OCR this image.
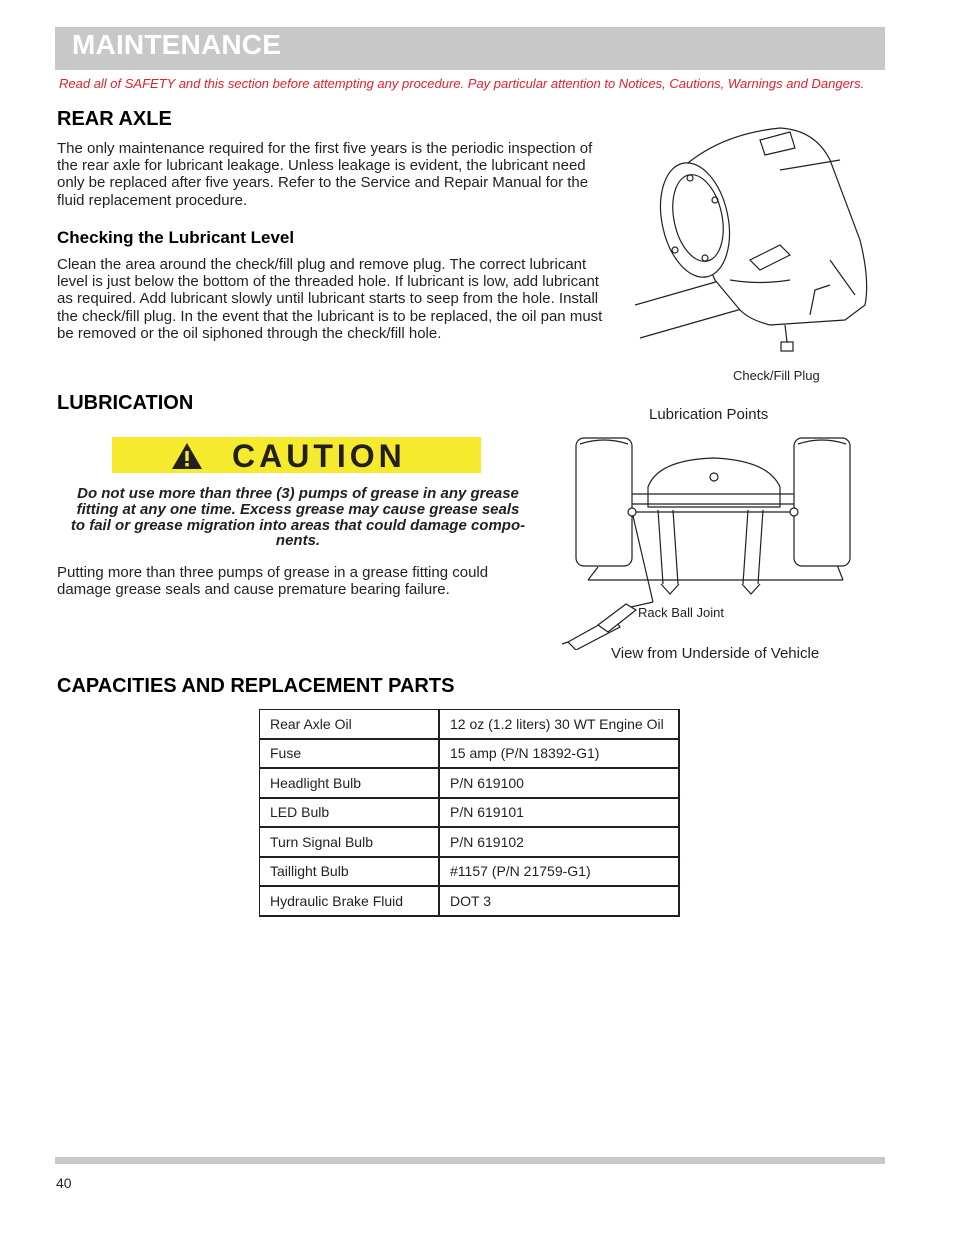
MAINTENANCE
Read all of SAFETY and this section before attempting any procedure. Pay particular attention to Notices, Cautions, Warnings and Dangers.
REAR AXLE
The only maintenance required for the first five years is the periodic inspection of
the rear axle for lubricant leakage. Unless leakage is evident, the lubricant need
only be replaced after five years. Refer to the Service and Repair Manual for the
fluid replacement procedure.
Checking the Lubricant Level
Clean the area around the check/fill plug and remove plug. The correct lubricant
level is just below the bottom of the threaded hole. If lubricant is low, add lubricant
as required. Add lubricant slowly until lubricant starts to seep from the hole. Install
the check/fill plug. In the event that the lubricant is to be replaced, the oil pan must
be removed or the oil siphoned through the check/fill hole.
Check/Fill Plug
LUBRICATION
CAUTION
Do not use more than three (3) pumps of grease in any grease
fitting at any one time. Excess grease may cause grease seals
to fail or grease migration into areas that could damage compo-
nents.
Putting more than three pumps of grease in a grease fitting could
damage grease seals and cause premature bearing failure.
Lubrication Points
Rack Ball Joint
View from Underside of Vehicle
CAPACITIES AND REPLACEMENT PARTS
Rear Axle Oil	12 oz (1.2 liters) 30 WT Engine Oil
Fuse	15 amp (P/N 18392-G1)
Headlight Bulb	P/N 619100
LED Bulb	P/N 619101
Turn Signal Bulb	P/N 619102
Taillight Bulb	#1157 (P/N 21759-G1)
Hydraulic Brake Fluid	DOT 3
40
